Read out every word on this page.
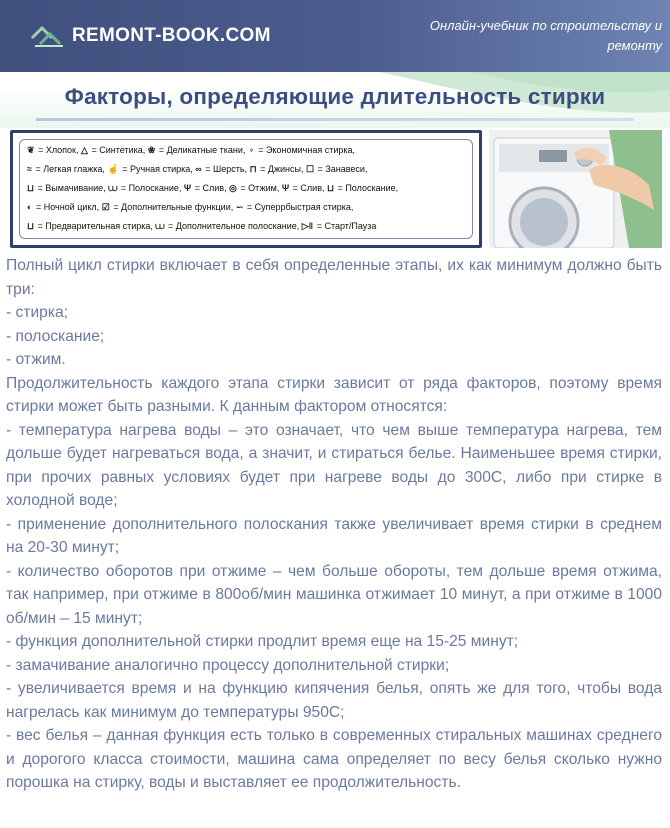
REMONT-BOOK.COM	Онлайн-учебник по строительству и ремонту
Факторы, определяющие длительность стирки
❦ = Хлопок, △ = Синтетика, ❀ = Деликатные ткани, ♆ = Экономичная стирка,
≈ = Легкая глажка, ☝ = Ручная стирка, ∞ = Шерсть, ⊓ = Джинсы, ☐ = Занавеси,
⊔ = Вымачивание, ⩊ = Полоскание, Ψ = Слив, ◎ = Отжим, Ψ = Слив, ⊔ = Полоскание,
◐ = Ночной цикл, ☑ = Дополнительные функции, ∽ = Суперрбыстрая стирка,
⊔ = Предварительная стирка, ⩊ = Дополнительное полоскание, ▷‖ = Старт/Пауза

Полный цикл стирки включает в себя определенные этапы, их как минимум должно быть три:

- стирка;

- полоскание;

- отжим.

Продолжительность каждого этапа стирки зависит от ряда факторов, поэтому время стирки может быть разными. К данным фактором относятся:

- температура нагрева воды – это означает, что чем выше температура нагрева, тем дольше будет нагреваться вода, а значит, и стираться белье. Наименьшее время стирки, при прочих равных условиях будет при нагреве воды до 300С, либо при стирке в холодной воде;

- применение дополнительного полоскания также увеличивает время стирки в среднем на 20-30 минут;

- количество оборотов при отжиме – чем больше обороты, тем дольше время отжима, так например, при отжиме в 800об/мин машинка отжимает 10 минут, а при отжиме в 1000 об/мин – 15 минут;

- функция дополнительной стирки продлит время еще на 15-25 минут;

- замачивание аналогично процессу дополнительной стирки;

- увеличивается время и на функцию кипячения белья, опять же для того, чтобы вода нагрелась как минимум до температуры 950С;

- вес белья – данная функция есть только в современных стиральных машинах среднего и дорогого класса стоимости, машина сама определяет по весу белья сколько нужно порошка на стирку, воды и выставляет ее продолжительность.
